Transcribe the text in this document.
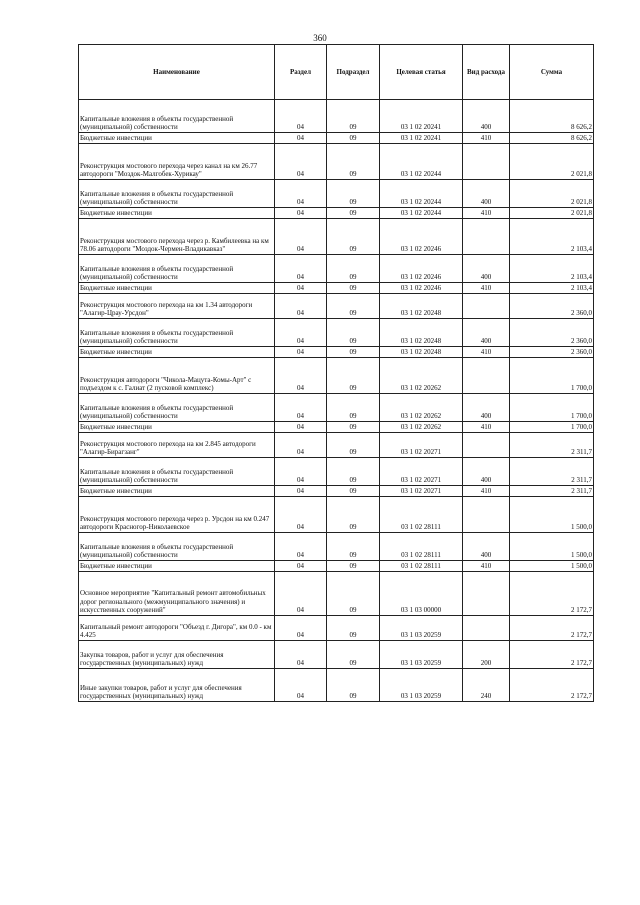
360
Наименование	Раздел	Подраздел	Целевая статья	Вид расхода	Сумма
Капитальные вложения в объекты государственной (муниципальной) собственности	04	09	03 1 02 20241	400	8 626,2
Бюджетные инвестиции	04	09	03 1 02 20241	410	8 626,2
Реконструкция мостового перехода через канал на км 26.77 автодороги "Моздок-Малгобек-Хурикау"	04	09	03 1 02 20244		2 021,8
Капитальные вложения в объекты государственной (муниципальной) собственности	04	09	03 1 02 20244	400	2 021,8
Бюджетные инвестиции	04	09	03 1 02 20244	410	2 021,8
Реконструкция мостового перехода через р. Камбилеевка на км 78.06 автодороги "Моздок-Чермен-Владикавказ"	04	09	03 1 02 20246		2 103,4
Капитальные вложения в объекты государственной (муниципальной) собственности	04	09	03 1 02 20246	400	2 103,4
Бюджетные инвестиции	04	09	03 1 02 20246	410	2 103,4
Реконструкция мостового перехода на км 1.34 автодороги "Алагир-Црау-Урсдон"	04	09	03 1 02 20248		2 360,0
Капитальные вложения в объекты государственной (муниципальной) собственности	04	09	03 1 02 20248	400	2 360,0
Бюджетные инвестиции	04	09	03 1 02 20248	410	2 360,0
Реконструкция автодороги "Чикола-Мацута-Комы-Арт" с подъездом к с. Галиат (2 пусковой комплекс)	04	09	03 1 02 20262		1 700,0
Капитальные вложения в объекты государственной (муниципальной) собственности	04	09	03 1 02 20262	400	1 700,0
Бюджетные инвестиции	04	09	03 1 02 20262	410	1 700,0
Реконструкция мостового перехода на км 2.845 автодороги "Алагир-Бирагзанг"	04	09	03 1 02 20271		2 311,7
Капитальные вложения в объекты государственной (муниципальной) собственности	04	09	03 1 02 20271	400	2 311,7
Бюджетные инвестиции	04	09	03 1 02 20271	410	2 311,7
Реконструкция мостового перехода через р. Урсдон на км 0.247 автодороги Красногор-Николаевское	04	09	03 1 02 28111		1 500,0
Капитальные вложения в объекты государственной (муниципальной) собственности	04	09	03 1 02 28111	400	1 500,0
Бюджетные инвестиции	04	09	03 1 02 28111	410	1 500,0
Основное мероприятие "Капитальный ремонт автомобильных дорог регионального (межмуниципального значения) и искусственных сооружений"	04	09	03 1 03 00000		2 172,7
Капитальный ремонт автодороги "Объезд г. Дигора", км 0.0 - км 4.425	04	09	03 1 03 20259		2 172,7
Закупка товаров, работ и услуг для обеспечения государственных (муниципальных) нужд	04	09	03 1 03 20259	200	2 172,7
Иные закупки товаров, работ и услуг для обеспечения государственных (муниципальных) нужд	04	09	03 1 03 20259	240	2 172,7
